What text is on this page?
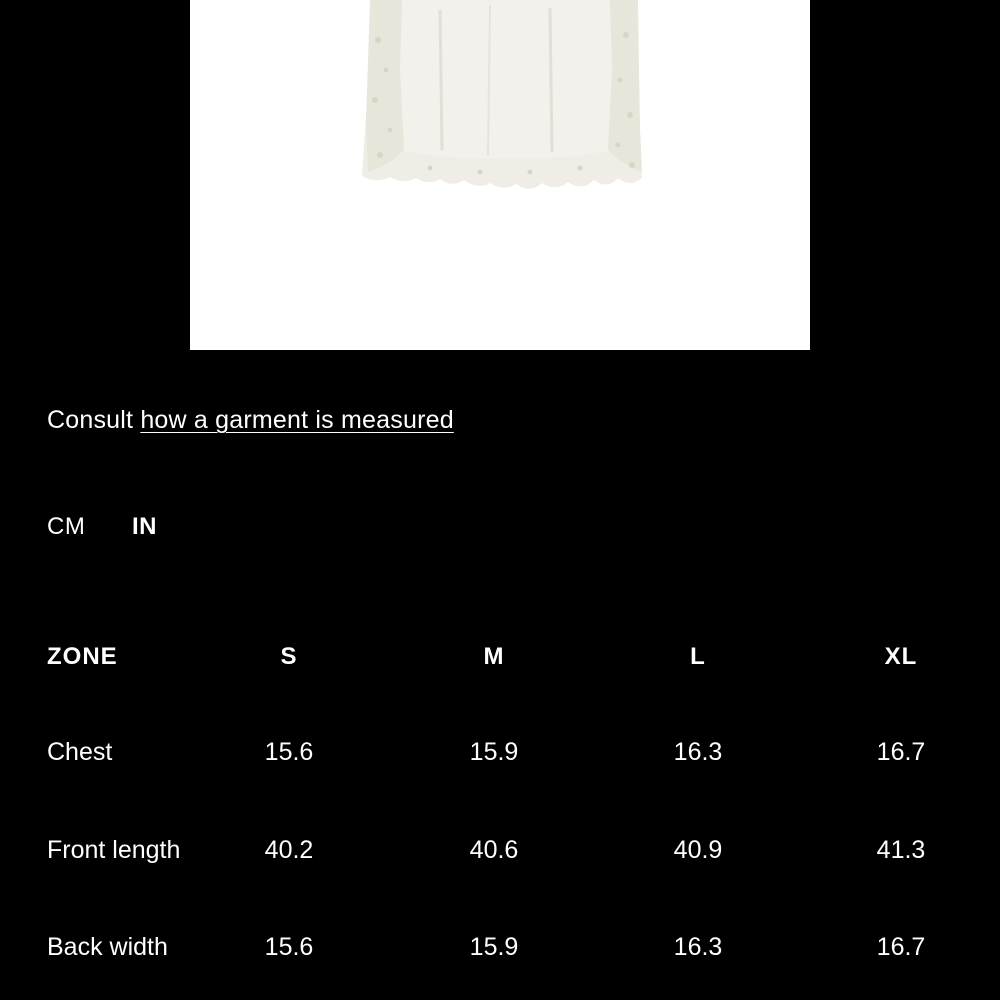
Consult how a garment is measured
CM IN
ZONE	S	M	L	XL
Chest	15.6	15.9	16.3	16.7
Front length	40.2	40.6	40.9	41.3
Back width	15.6	15.9	16.3	16.7
